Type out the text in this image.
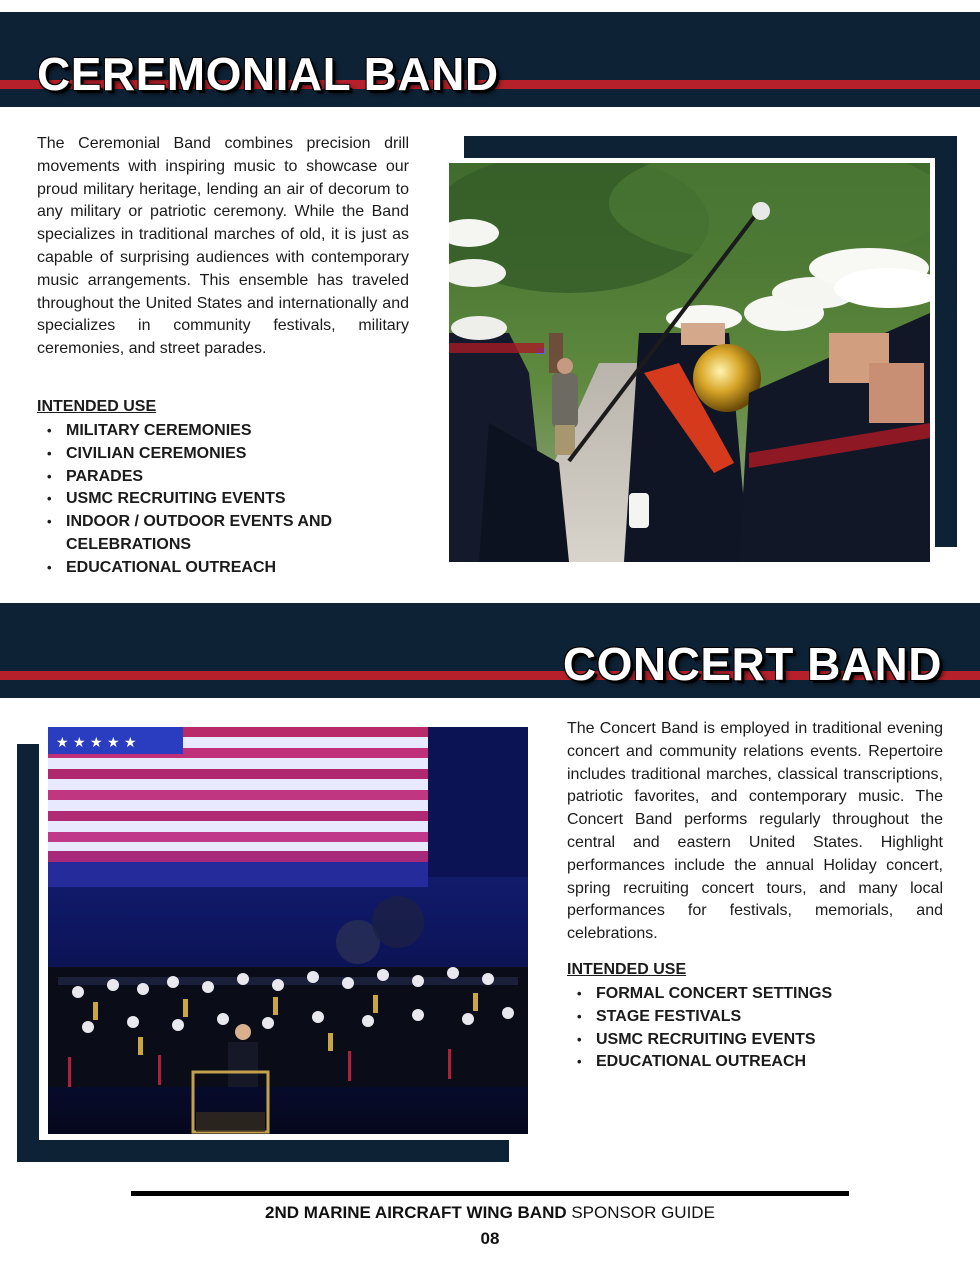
CEREMONIAL BAND

The Ceremonial Band combines precision drill movements with inspiring music to showcase our proud military heritage, lending an air of decorum to any military or patriotic ceremony. While the Band specializes in traditional marches of old, it is just as capable of surprising audiences with contemporary music arrangements. This ensemble has traveled throughout the United States and internationally and specializes in community festivals, military ceremonies, and street parades.

INTENDED USE

• MILITARY CEREMONIES
• CIVILIAN CEREMONIES
• PARADES
• USMC RECRUITING EVENTS
• INDOOR / OUTDOOR EVENTS AND CELEBRATIONS
• EDUCATIONAL OUTREACH
CONCERT BAND
★ ★ ★ ★ ★

The Concert Band is employed in traditional evening concert and community relations events. Repertoire includes traditional marches, classical transcriptions, patriotic favorites, and contemporary music. The Concert Band performs regularly throughout the central and eastern United States. Highlight performances include the annual Holiday concert, spring recruiting concert tours, and many local performances for festivals, memorials, and celebrations.

INTENDED USE

• FORMAL CONCERT SETTINGS
• STAGE FESTIVALS
• USMC RECRUITING EVENTS
• EDUCATIONAL OUTREACH
2ND MARINE AIRCRAFT WING BAND SPONSOR GUIDE
08
